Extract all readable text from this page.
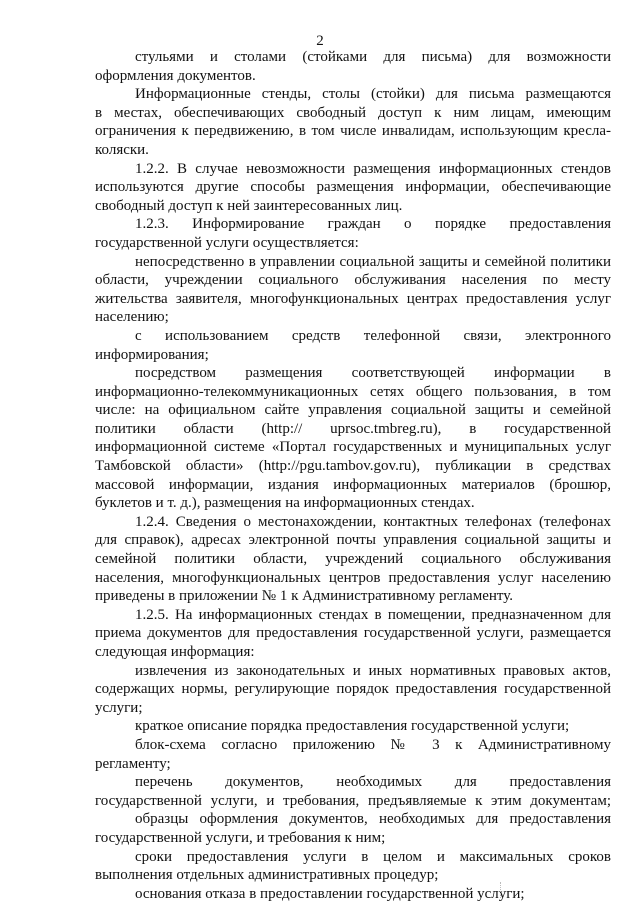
2
стульями и столами (стойками для письма) для возможности
оформления документов.
Информационные стенды, столы (стойки) для письма размещаются
в местах, обеспечивающих свободный доступ к ним лицам, имеющим
ограничения к передвижению, в том числе инвалидам, использующим кресла-
коляски.
1.2.2. В случае невозможности размещения информационных стендов
используются другие способы размещения информации, обеспечивающие
свободный доступ к ней заинтересованных лиц.
1.2.3. Информирование граждан о порядке предоставления
государственной услуги осуществляется:
непосредственно в управлении социальной защиты и семейной политики
области, учреждении социального обслуживания населения по месту
жительства заявителя, многофункциональных центрах предоставления услуг
населению;
с использованием средств телефонной связи, электронного
информирования;
посредством размещения соответствующей информации в
информационно-телекоммуникационных сетях общего пользования, в том
числе: на официальном сайте управления социальной защиты и семейной
политики области (http:// uprsoc.tmbreg.ru), в государственной
информационной системе «Портал государственных и муниципальных услуг
Тамбовской области» (http://pgu.tambov.gov.ru), публикации в средствах
массовой информации, издания информационных материалов (брошюр,
буклетов и т. д.), размещения на информационных стендах.
1.2.4. Сведения о местонахождении, контактных телефонах (телефонах
для справок), адресах электронной почты управления социальной защиты и
семейной политики области, учреждений социального обслуживания
населения, многофункциональных центров предоставления услуг населению
приведены в приложении № 1 к Административному регламенту.
1.2.5. На информационных стендах в помещении, предназначенном для
приема документов для предоставления государственной услуги, размещается
следующая информация:
извлечения из законодательных и иных нормативных правовых актов,
содержащих нормы, регулирующие порядок предоставления государственной
услуги;
краткое описание порядка предоставления государственной услуги;
блок-схема согласно приложению № 3 к Административному
регламенту;
перечень документов, необходимых для предоставления
государственной услуги, и требования, предъявляемые к этим документам;
образцы оформления документов, необходимых для предоставления
государственной услуги, и требования к ним;
сроки предоставления услуги в целом и максимальных сроков
выполнения отдельных административных процедур;
основания отказа в предоставлении государственной услуги;
